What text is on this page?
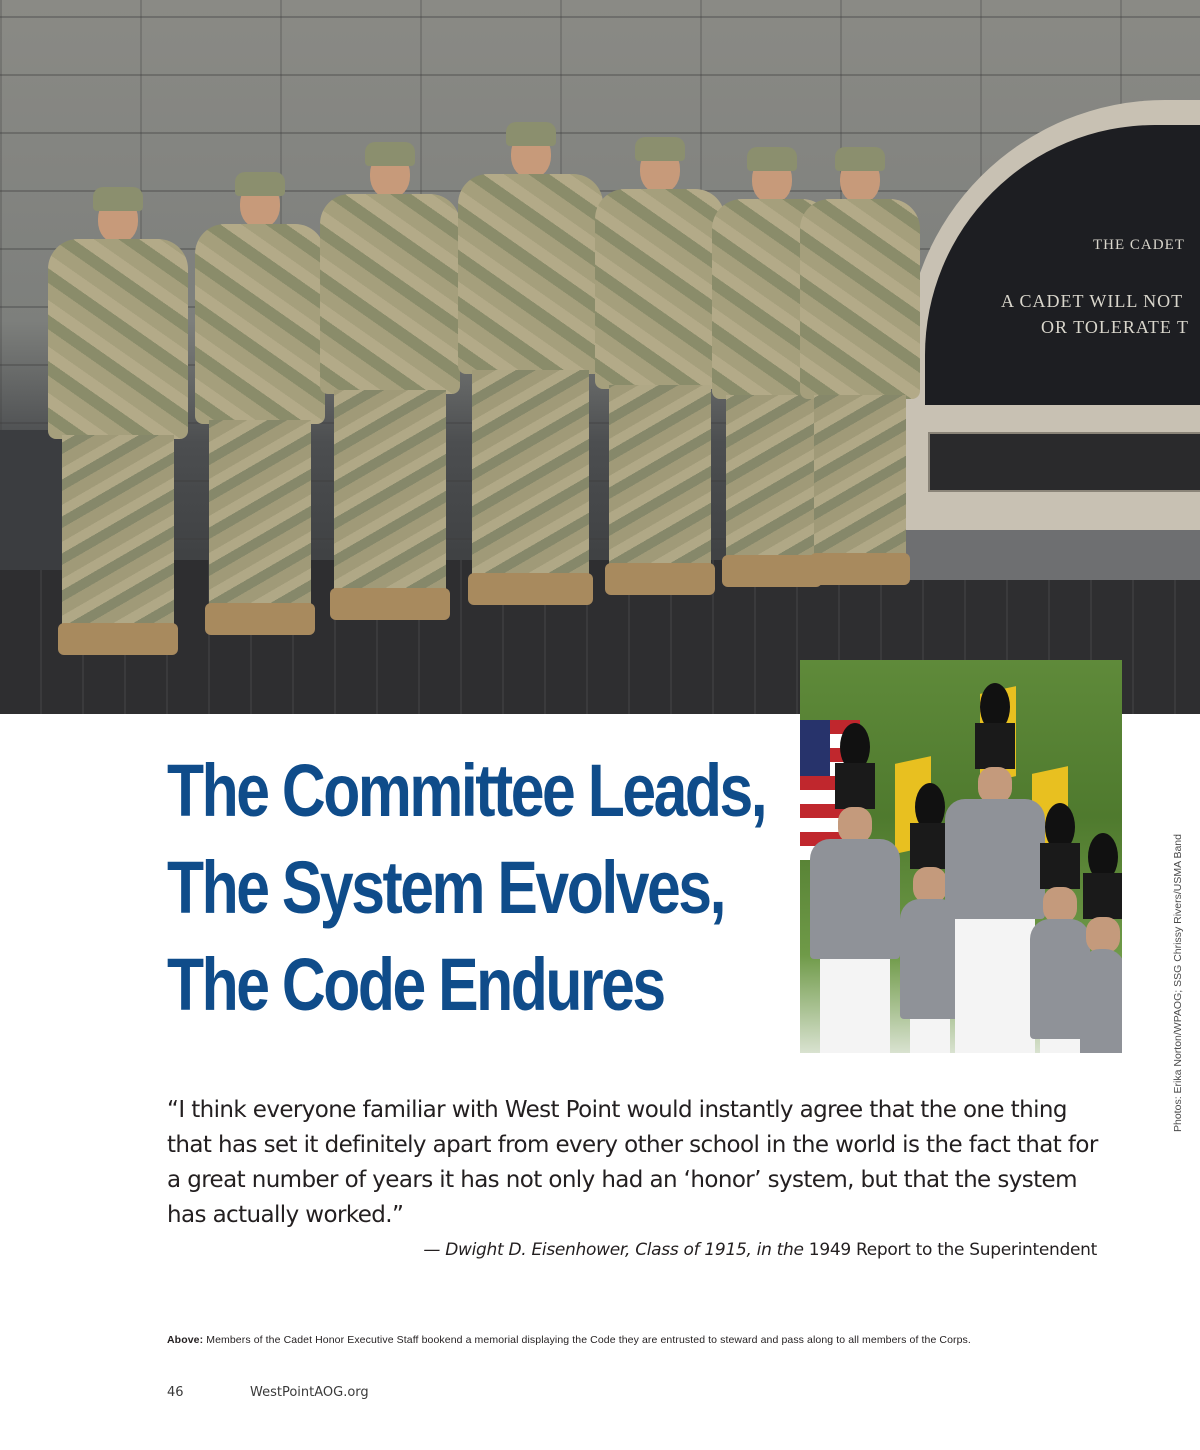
THE CADET
A CADET WILL NOT
OR TOLERATE T
The Committee Leads,
The System Evolves,
The Code Endures

“I think everyone familiar with West Point would instantly agree that the one thing that has set it definitely apart from every other school in the world is the fact that for a great number of years it has not only had an ‘honor’ system, but that the system has actually worked.”

— Dwight D. Eisenhower, Class of 1915, in the 1949 Report to the Superintendent

Above: Members of the Cadet Honor Executive Staff bookend a memorial displaying the Code they are entrusted to steward and pass along to all members of the Corps.

Photos: Erika Norton/WPAOG; SSG Chrissy Rivers/USMA Band

46	WestPointAOG.org
